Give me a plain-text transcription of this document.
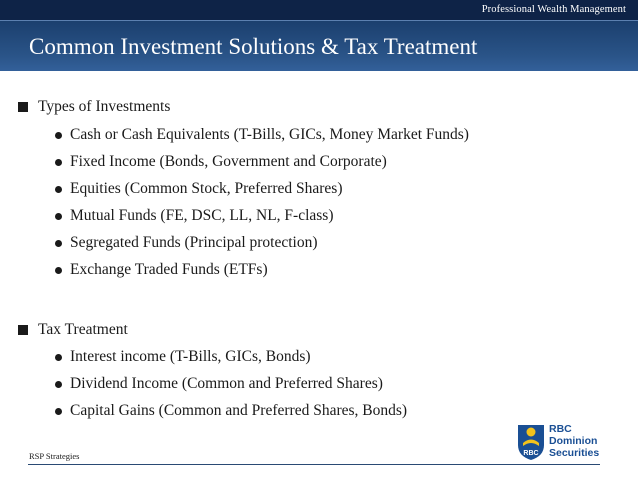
Professional Wealth Management
Common Investment Solutions & Tax Treatment
Types of Investments
Cash or Cash Equivalents (T-Bills, GICs, Money Market Funds)
Fixed Income (Bonds, Government and Corporate)
Equities (Common Stock, Preferred Shares)
Mutual Funds (FE, DSC, LL, NL, F-class)
Segregated Funds (Principal protection)
Exchange Traded Funds (ETFs)
Tax Treatment
Interest income (T-Bills, GICs, Bonds)
Dividend Income (Common and Preferred Shares)
Capital Gains (Common and Preferred Shares, Bonds)
RSP Strategies	RBC
RBC
Dominion
Securities
